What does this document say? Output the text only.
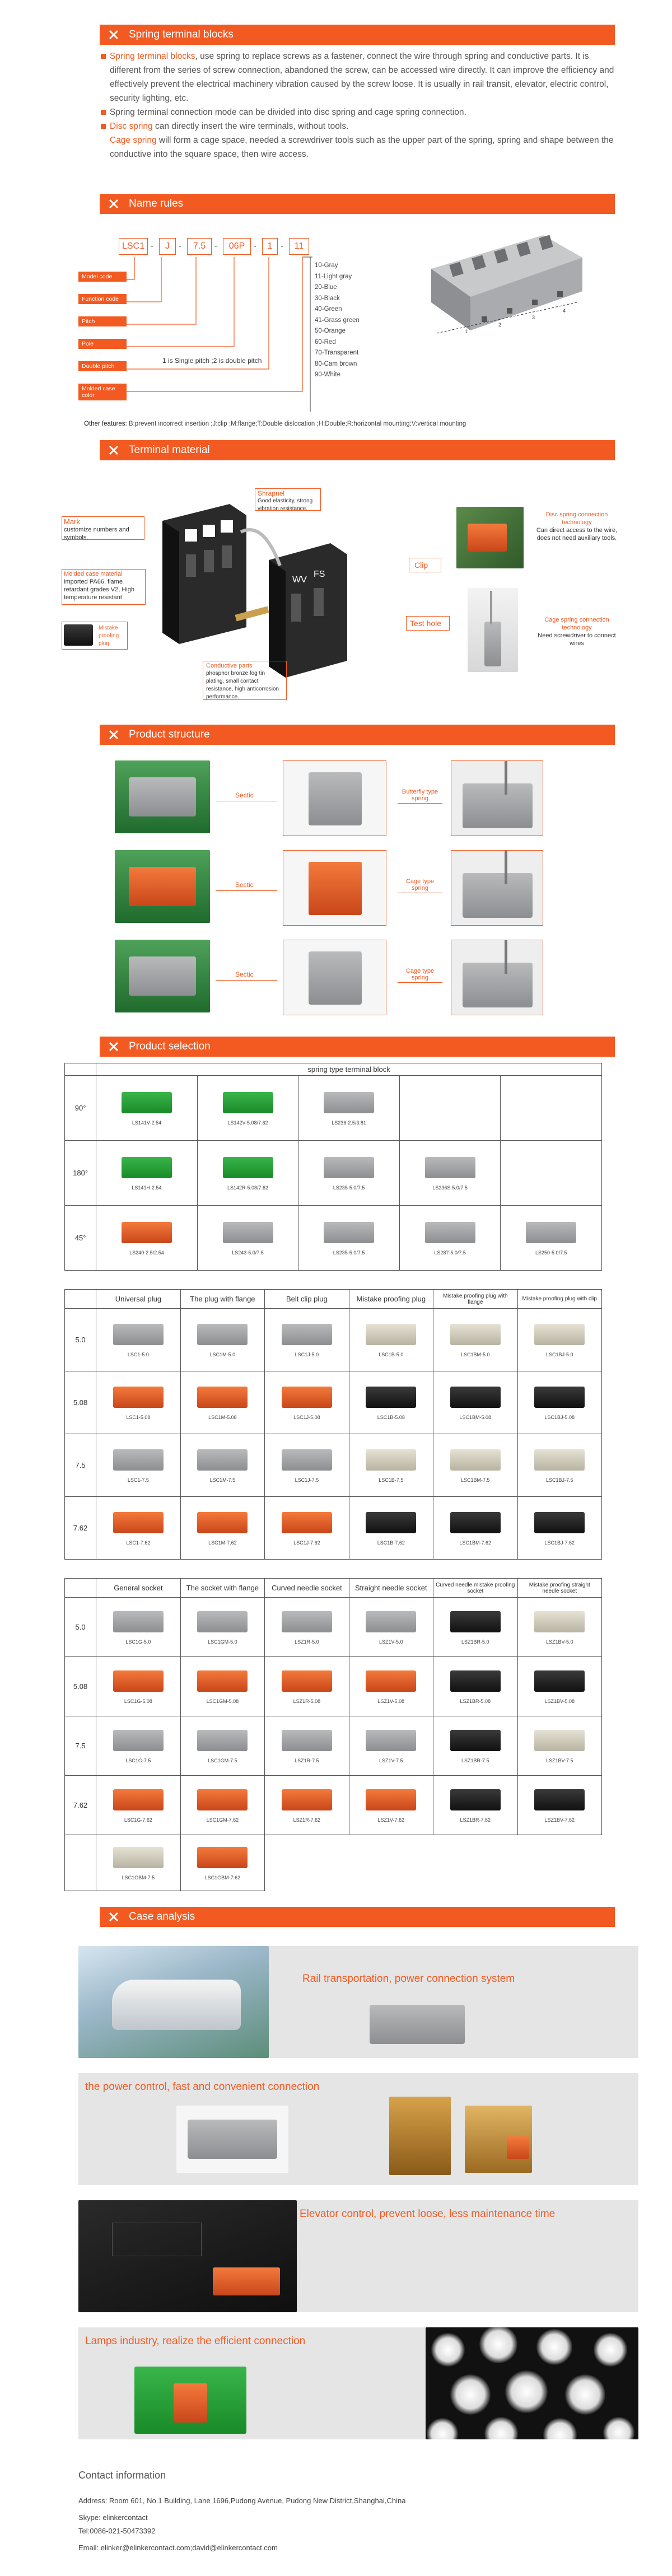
Spring terminal blocks

Spring terminal blocks, use spring to replace screws as a fastener, connect the wire through spring and conductive parts. It is different from the series of screw connection, abandoned the screw, can be accessed wire directly. It can improve the efficiency and effectively prevent the electrical machinery vibration caused by the screw loose. It is usually in rail transit, elevator, electric control, security lighting, etc.

Spring terminal connection mode can be divided into disc spring and cage spring connection.

Disc spring can directly insert the wire terminals, without tools.

Cage spring will form a cage space, needed a screwdriver tools such as the upper part of the spring, spring and shape between the conductive into the square space, then wire access.

Name rules
LSC1 -	J	-	7.5	-	06P	-	1	-	11
Model code
Function code
Pitch
Pole
Double pitch
Molded case color
1 is Single pitch ;2 is double pitch
10-Gray
11-Light gray
20-Blue
30-Black
40-Green
41-Grass green
50-Orange
60-Red
70-Transparent
80-Cam brown
90-White
1
2
3
4
Other features: B:prevent incorrect insertion ;J:clip ;M:flange;T:Double dislocation ;H:Double;R:horizontal mounting;V:vertical mounting
Terminal material
Mark
customize numbers and symbols.
Molded case material
imported PA66, flame retardant grades V2, High temperature resistant
Mistake proofing plug
WV
FS
Shrapnel
Good elasticity, strong vibration resistance.
Clip
Test hole
Conductive parts
phosphor bronze fog tin plating, small contact resistance, high anticorrosion performance.
Disc spring connection technology
Can direct access to the wire, does not need auxiliary tools.
Cage spring connection technology
Need screwdriver to connect wires
Product structure
Sectic	Butterfly type spring
Sectic	Cage type spring
Sectic	Cage type spring
Product selection
	spring type terminal block				
90°	LS141V-2.54	LS142V-5.08/7.62	LS236-2.5/3.81		

180°	LS141H-2.54	LS142R-5.08/7.62	LS235-5.0/7.5	LS236S-5.0/7.5	

45°	LS240-2.5/2.54	LS243-5.0/7.5	LS235-5.0/7.5	LS287-5.0/7.5	LS250-5.0/7.5
	Universal plug	The plug with flange	Belt clip plug	Mistake proofing plug	Mistake proofing plug with flange	Mistake proofing plug with clip
5.0	LSC1-5.0	LSC1M-5.0	LSC1J-5.0	LSC1B-5.0	LSC1BM-5.0	LSC1BJ-5.0

5.08	LSC1-5.08	LSC1M-5.08	LSC1J-5.08	LSC1B-5.08	LSC1BM-5.08	LSC1BJ-5.08

7.5	LSC1-7.5	LSC1M-7.5	LSC1J-7.5	LSC1B-7.5	LSC1BM-7.5	LSC1BJ-7.5

7.62	LSC1-7.62	LSC1M-7.62	LSC1J-7.62	LSC1B-7.62	LSC1BM-7.62	LSC1BJ-7.62
	General socket	The socket with flange	Curved needle socket	Straight needle socket	Curved needle mistake proofing socket	Mistake proofing straight needle socket
5.0	LSC1G-5.0	LSC1GM-5.0	LSZ1R-5.0	LSZ1V-5.0	LSZ1BR-5.0	LSZ1BV-5.0

5.08	LSC1G-5.08	LSC1GM-5.08	LSZ1R-5.08	LSZ1V-5.08	LSZ1BR-5.08	LSZ1BV-5.08

7.5	LSC1G-7.5	LSC1GM-7.5	LSZ1R-7.5	LSZ1V-7.5	LSZ1BR-7.5	LSZ1BV-7.5

7.62	LSC1G-7.62	LSC1GM-7.62	LSZ1R-7.62	LSZ1V-7.62	LSZ1BR-7.62	LSZ1BV-7.62

	LSC1GBM-7.5	LSC1GBM-7.62				
Case analysis
Rail transportation, power connection system
the power control, fast and convenient connection
Elevator control, prevent loose, less maintenance time
Lamps industry, realize the efficient connection
Contact information
Address: Room 601, No.1 Building, Lane 1696,Pudong Avenue, Pudong New District,Shanghai,China
Skype: elinkercontact
Tel:0086-021-50473392
Email: elinker@elinkercontact.com;david@elinkercontact.com
